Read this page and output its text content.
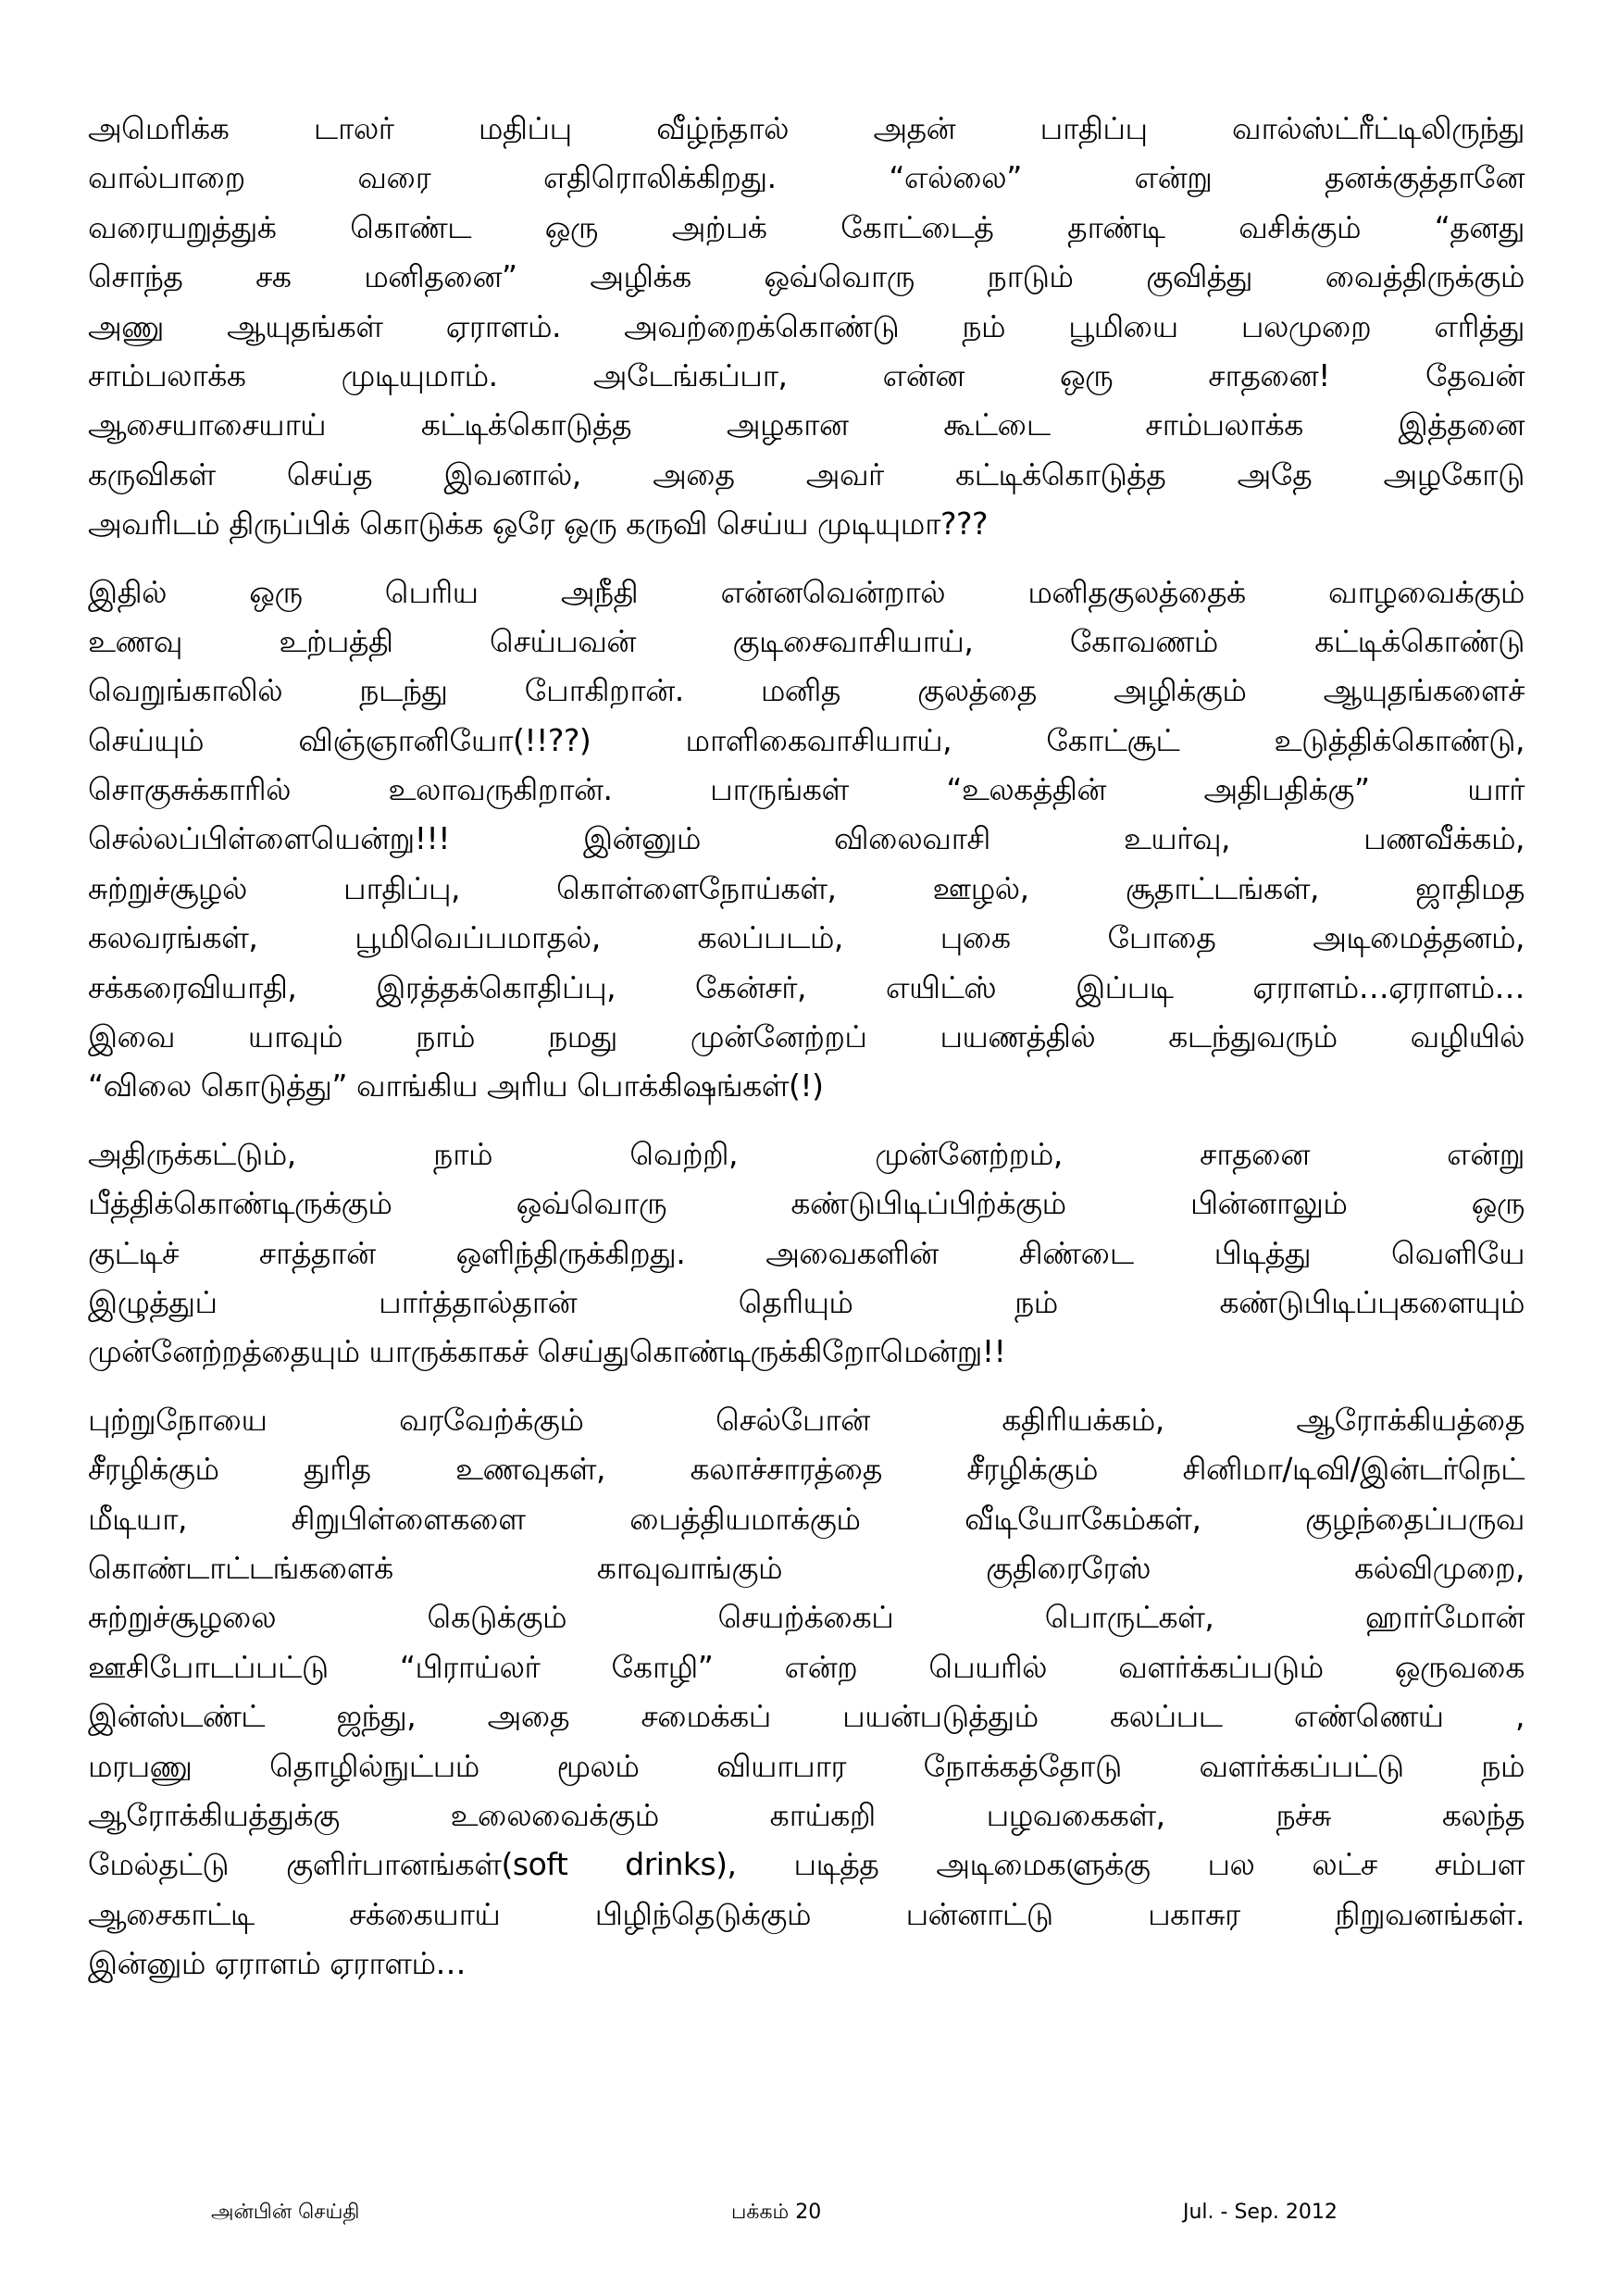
அமெரிக்க டாலர் மதிப்பு வீழ்ந்தால் அதன் பாதிப்பு வால்ஸ்ட்ரீட்டிலிருந்து
வால்பாறை வரை எதிரொலிக்கிறது. “எல்லை” என்று தனக்குத்தானே
வரையறுத்துக் கொண்ட ஒரு அற்பக் கோட்டைத் தாண்டி வசிக்கும் “தனது
சொந்த சக மனிதனை” அழிக்க ஒவ்வொரு நாடும் குவித்து வைத்திருக்கும்
அணு ஆயுதங்கள் ஏராளம். அவற்றைக்கொண்டு நம் பூமியை பலமுறை எரித்து
சாம்பலாக்க முடியுமாம். அடேங்கப்பா, என்ன ஒரு சாதனை! தேவன்
ஆசையாசையாய் கட்டிக்கொடுத்த அழகான கூட்டை சாம்பலாக்க இத்தனை
கருவிகள் செய்த இவனால், அதை அவர் கட்டிக்கொடுத்த அதே அழகோடு
அவரிடம் திருப்பிக் கொடுக்க ஒரே ஒரு கருவி செய்ய முடியுமா???
இதில் ஒரு பெரிய அநீதி என்னவென்றால் மனிதகுலத்தைக் வாழவைக்கும்
உணவு உற்பத்தி செய்பவன் குடிசைவாசியாய், கோவணம் கட்டிக்கொண்டு
வெறுங்காலில் நடந்து போகிறான். மனித குலத்தை அழிக்கும் ஆயுதங்களைச்
செய்யும் விஞ்ஞானியோ(!!??) மாளிகைவாசியாய், கோட்சூட் உடுத்திக்கொண்டு,
சொகுசுக்காரில் உலாவருகிறான். பாருங்கள் “உலகத்தின் அதிபதிக்கு” யார்
செல்லப்பிள்ளையென்று!!! இன்னும் விலைவாசி உயர்வு, பணவீக்கம்,
சுற்றுச்சூழல் பாதிப்பு, கொள்ளைநோய்கள், ஊழல், சூதாட்டங்கள், ஜாதிமத
கலவரங்கள், பூமிவெப்பமாதல், கலப்படம், புகை போதை அடிமைத்தனம்,
சக்கரைவியாதி, இரத்தக்கொதிப்பு, கேன்சர், எயிட்ஸ் இப்படி ஏராளம்…ஏராளம்…
இவை யாவும் நாம் நமது முன்னேற்றப் பயணத்தில் கடந்துவரும் வழியில்
“விலை கொடுத்து” வாங்கிய அரிய பொக்கிஷங்கள்(!)
அதிருக்கட்டும், நாம் வெற்றி, முன்னேற்றம், சாதனை என்று
பீத்திக்கொண்டிருக்கும் ஒவ்வொரு கண்டுபிடிப்பிற்க்கும் பின்னாலும் ஒரு
குட்டிச் சாத்தான் ஒளிந்திருக்கிறது. அவைகளின் சிண்டை பிடித்து வெளியே
இழுத்துப் பார்த்தால்தான் தெரியும் நம் கண்டுபிடிப்புகளையும்
முன்னேற்றத்தையும் யாருக்காகச் செய்துகொண்டிருக்கிறோமென்று!!
புற்றுநோயை வரவேற்க்கும் செல்போன் கதிரியக்கம், ஆரோக்கியத்தை
சீரழிக்கும் துரித உணவுகள், கலாச்சாரத்தை சீரழிக்கும் சினிமா/டிவி/இன்டர்நெட்
மீடியா, சிறுபிள்ளைகளை பைத்தியமாக்கும் வீடியோகேம்கள், குழந்தைப்பருவ
கொண்டாட்டங்களைக் காவுவாங்கும் குதிரைரேஸ் கல்விமுறை,
சுற்றுச்சூழலை கெடுக்கும் செயற்க்கைப் பொருட்கள், ஹார்மோன்
ஊசிபோடப்பட்டு “பிராய்லர் கோழி” என்ற பெயரில் வளர்க்கப்படும் ஒருவகை
இன்ஸ்டண்ட் ஜந்து, அதை சமைக்கப் பயன்படுத்தும் கலப்பட எண்ணெய் ,
மரபணு தொழில்நுட்பம் மூலம் வியாபார நோக்கத்தோடு வளர்க்கப்பட்டு நம்
ஆரோக்கியத்துக்கு உலைவைக்கும் காய்கறி பழவகைகள், நச்சு கலந்த
மேல்தட்டு குளிர்பானங்கள்(soft drinks), படித்த அடிமைகளுக்கு பல லட்ச சம்பள
ஆசைகாட்டி சக்கையாய் பிழிந்தெடுக்கும் பன்னாட்டு பகாசுர நிறுவனங்கள்.
இன்னும் ஏராளம் ஏராளம்…
அன்பின் செய்தி	பக்கம் 20	Jul. - Sep. 2012
